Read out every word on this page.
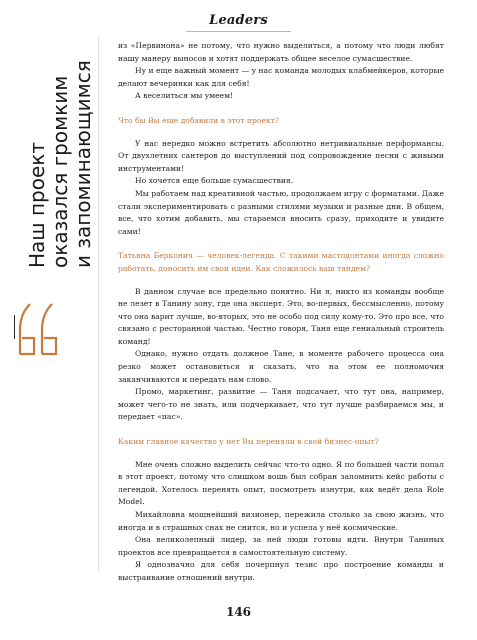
Leaders
Наш проект оказался громким и запоминающимся

из «Первинона» не потому, что нужно выделиться, а потому что люди любят нашу манеру выносов и хотят поддержать общее веселое сумасшествие.

Ну и еще важный момент — у нас команда молодых клабмейкеров, которые делают вечеринки как для себя!

А веселиться мы умеем!

Что бы Вы еще добавили в этот проект?

У нас нередко можно встретить абсолютно нетривиальные перформансы. От двухлетних сантеров до выступлений под сопровождение песни с живыми инструментами!

Но хочется еще больше сумасшествия.

Мы работаем над креативной частью, продолжаем игру с форматами. Даже стали экспериментировать с разными стилями музыки и разные дни. В общем, все, что хотим добавить, мы стараемся вносить сразу, приходите и увидите сами!

Татьяна Берконич — человек-легенда. С такими мастодонтами иногда сложно работать, доносить им свои идеи. Как сложилось ваш тандем?

В данном случае все предельно понятно. Ни я, никто из команды вообще не лезет в Танину зону, где она эксперт. Это, во-первых, бессмысленно, потому что она варит лучше, во-вторых, это не особо под силу кому-то. Это про все, что связано с ресторанной частью. Честно говоря, Таня еще гениальный строитель команд!

Однако, нужно отдать должное Тане, в моменте рабочего процесса она резко может остановиться и сказать, что на этом ее полномочия заканчиваются и передать нам слово.

Промо, маркетинг, развитие — Таня подсачает, что тут она, например, может чего-то не знать, или подчеркивает, что тут лучше разбираемся мы, и передает «пас».

Каким главное качество у нет Вы переняли в свой бизнес-опыт?

Мне очень сложно выделить сейчас что-то одно. Я по большей части попал в этот проект, потому что слишком вошь был собран запомнить кейс работы с легендой. Хотелось перенять опыт, посмотреть изнутри, как ведёт дела Role Model.

Михайловна мощнейший визионер, пережила столько за свою жизнь, что иногда и в страшных снах не снится, но и успела у неё космические.

Она великолепный лидер, за ней люди готовы идти. Внутри Таниных проектов все превращается в самостоятельную систему.

Я однозначно для себя почерпнул тезис про построение команды и выстраивание отношений внутри.

146
